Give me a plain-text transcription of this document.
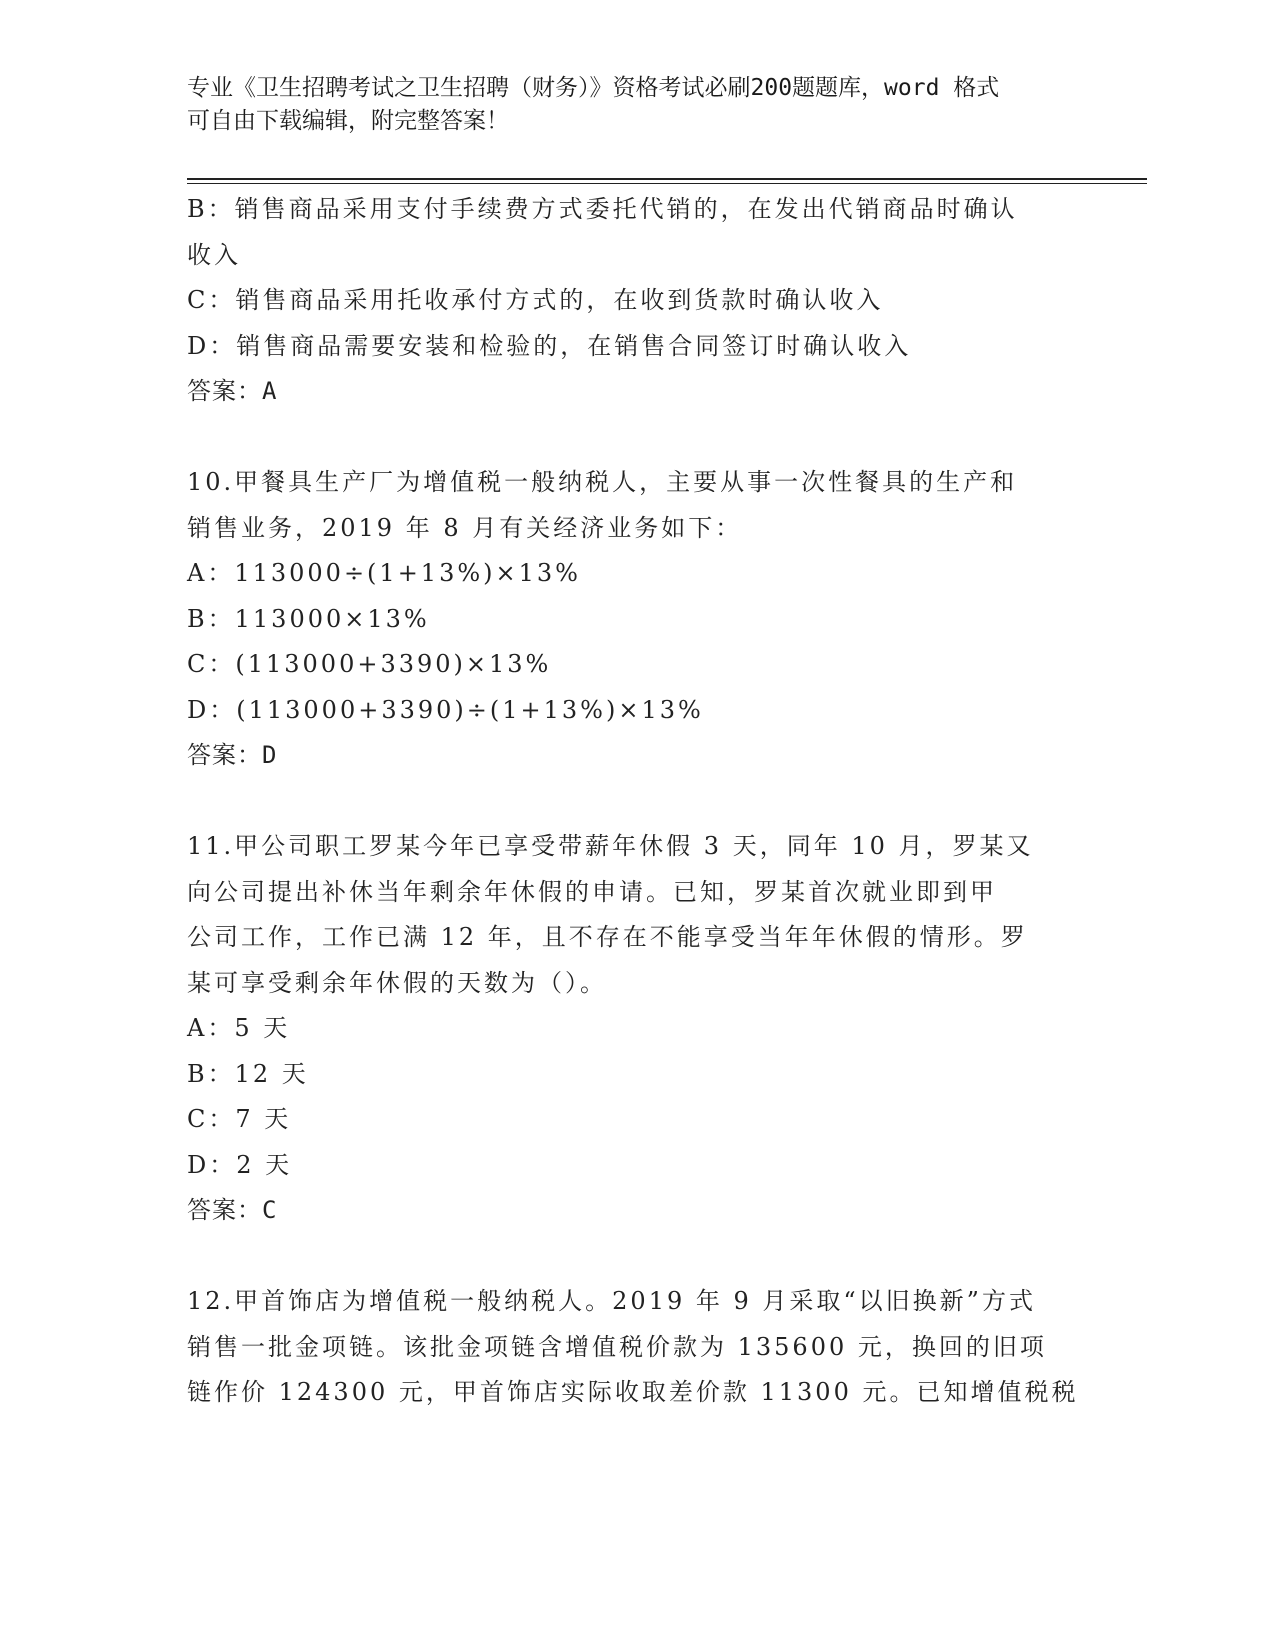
专业《卫生招聘考试之卫生招聘（财务）》资格考试必刷200题题库，word 格式
可自由下载编辑，附完整答案！
B：销售商品采用支付手续费方式委托代销的，在发出代销商品时确认
收入
C：销售商品采用托收承付方式的，在收到货款时确认收入
D：销售商品需要安装和检验的，在销售合同签订时确认收入
答案：A
10.甲餐具生产厂为增值税一般纳税人，主要从事一次性餐具的生产和
销售业务，2019 年 8 月有关经济业务如下：
A：113000÷(1+13%)×13%
B：113000×13%
C：(113000+3390)×13%
D：(113000+3390)÷(1+13%)×13%
答案：D
11.甲公司职工罗某今年已享受带薪年休假 3 天，同年 10 月，罗某又
向公司提出补休当年剩余年休假的申请。已知，罗某首次就业即到甲
公司工作，工作已满 12 年，且不存在不能享受当年年休假的情形。罗
某可享受剩余年休假的天数为（）。
A：5 天
B：12 天
C：7 天
D：2 天
答案：C
12.甲首饰店为增值税一般纳税人。2019 年 9 月采取“以旧换新”方式
销售一批金项链。该批金项链含增值税价款为 135600 元，换回的旧项
链作价 124300 元，甲首饰店实际收取差价款 11300 元。已知增值税税
